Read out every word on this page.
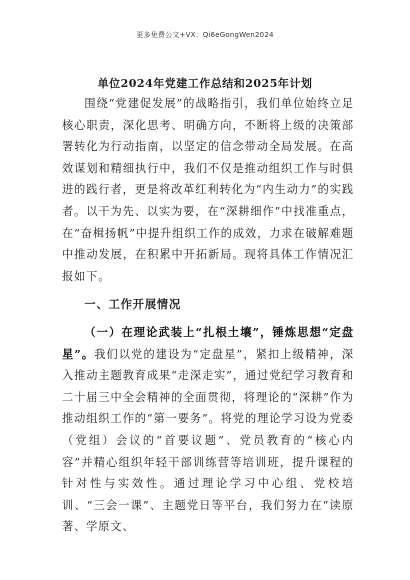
更多免费公文+VX：Qi6eGongWen2024
单位2024年党建工作总结和2025年计划

围绕“党建促发展”的战略指引，我们单位始终立足核心职责，深化思考、明确方向，不断将上级的决策部署转化为行动指南，以坚定的信念带动全局发展。在高效谋划和精细执行中，我们不仅是推动组织工作与时俱进的践行者，更是将改革红利转化为“内生动力”的实践者。以干为先、以实为要，在“深耕细作”中找准重点，在“奋楫扬帆”中提升组织工作的成效，力求在破解难题中推动发展，在积累中开拓新局。现将具体工作情况汇报如下。

一、工作开展情况

（一）在理论武装上“扎根土壤”，锤炼思想“定盘星”。我们以党的建设为“定盘星”，紧扣上级精神，深入推动主题教育成果“走深走实”，通过党纪学习教育和二十届三中全会精神的全面贯彻，将理论的“深耕”作为推动组织工作的“第一要务”。将党的理论学习设为党委（党组）会议的“首要议题”、党员教育的“核心内容”并精心组织年轻干部训练营等培训班，提升课程的针对性与实效性。通过理论学习中心组、党校培训、“三会一课”、主题党日等平台，我们努力在“读原著、学原文、
